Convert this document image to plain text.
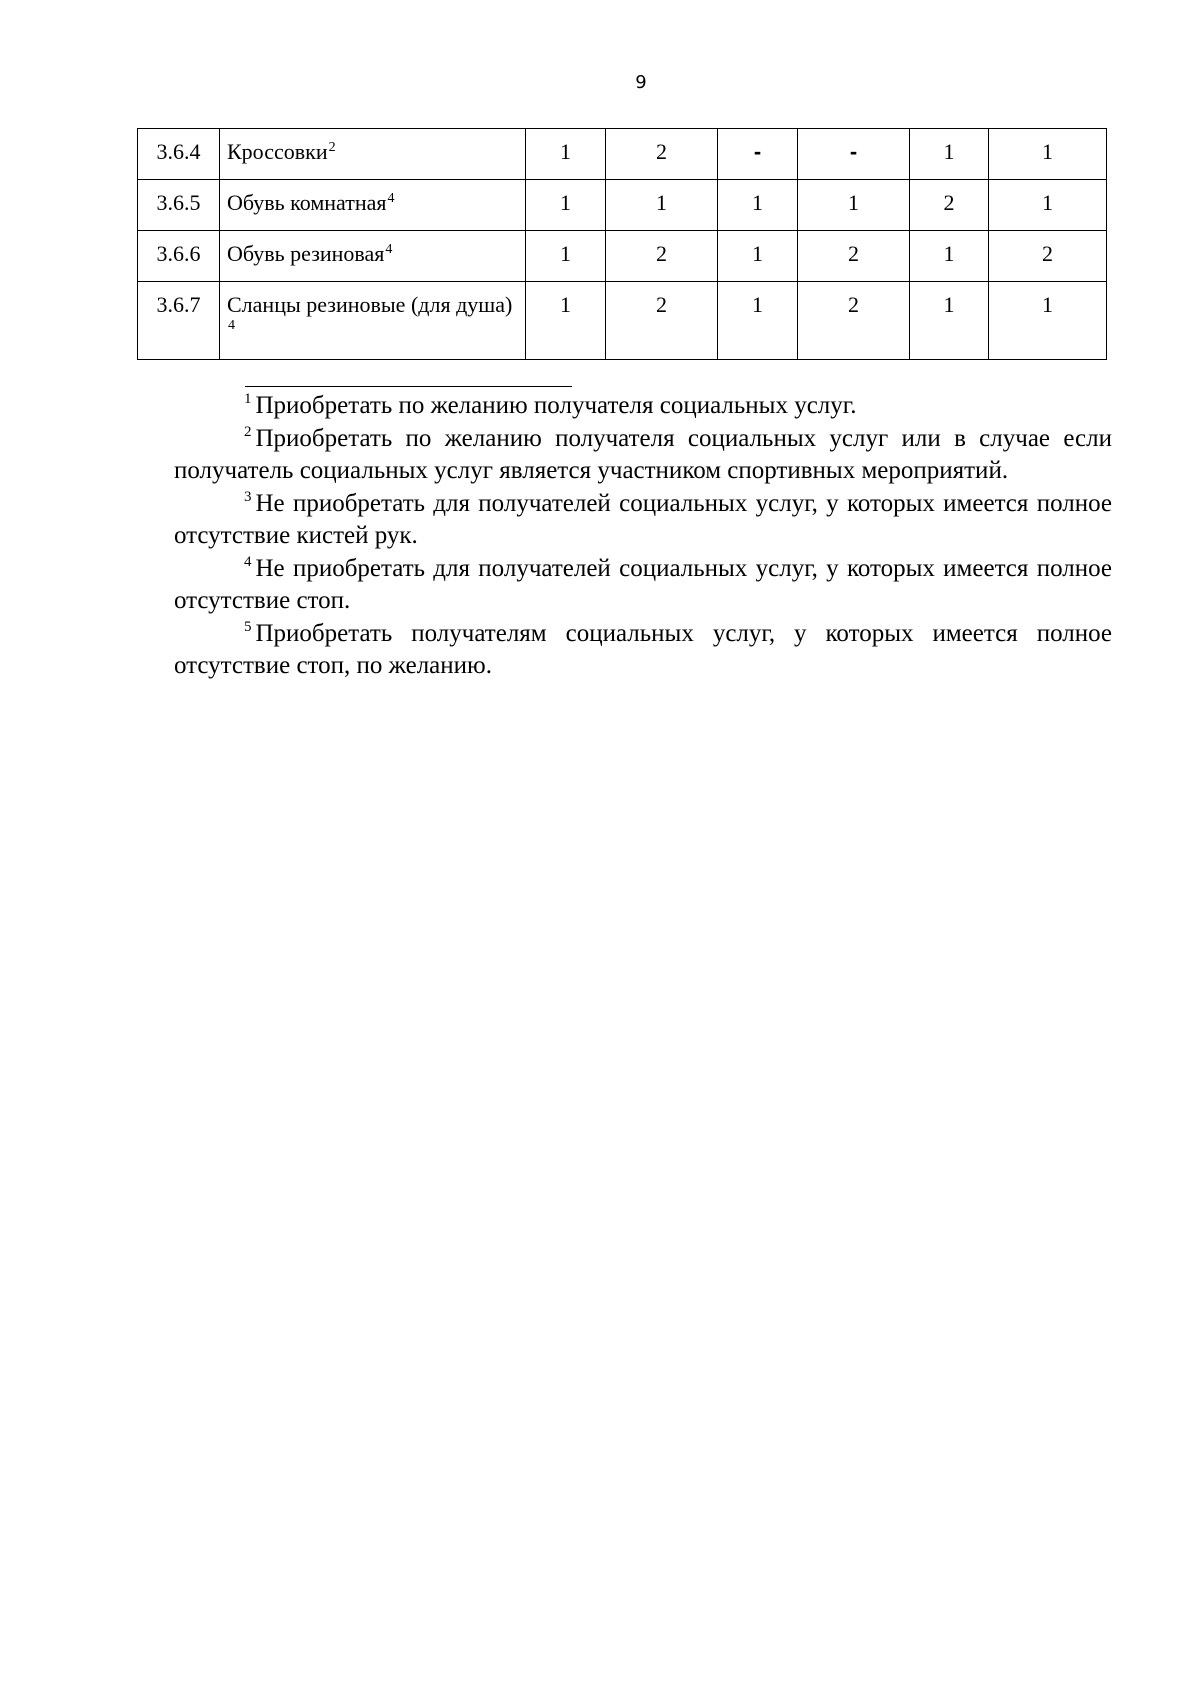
9
3.6.4	Кроссовки$^2$	1	2	-	-	1	1
3.6.5	Обувь комнатная$^4$	1	1	1	1	2	1
3.6.6	Обувь резиновая$^4$	1	2	1	2	1	2
3.6.7	Сланцы резиновые (для душа) $^4$	1	2	1	2	1	1

$^1$ Приобретать по желанию получателя социальных услуг.

$^2$ Приобретать по желанию получателя социальных услуг или в случае если получатель социальных услуг является участником спортивных мероприятий.

$^3$ Не приобретать для получателей социальных услуг, у которых имеется полное отсутствие кистей рук.

$^4$ Не приобретать для получателей социальных услуг, у которых имеется полное отсутствие стоп.

$^5$ Приобретать получателям социальных услуг, у которых имеется полное отсутствие стоп, по желанию.
